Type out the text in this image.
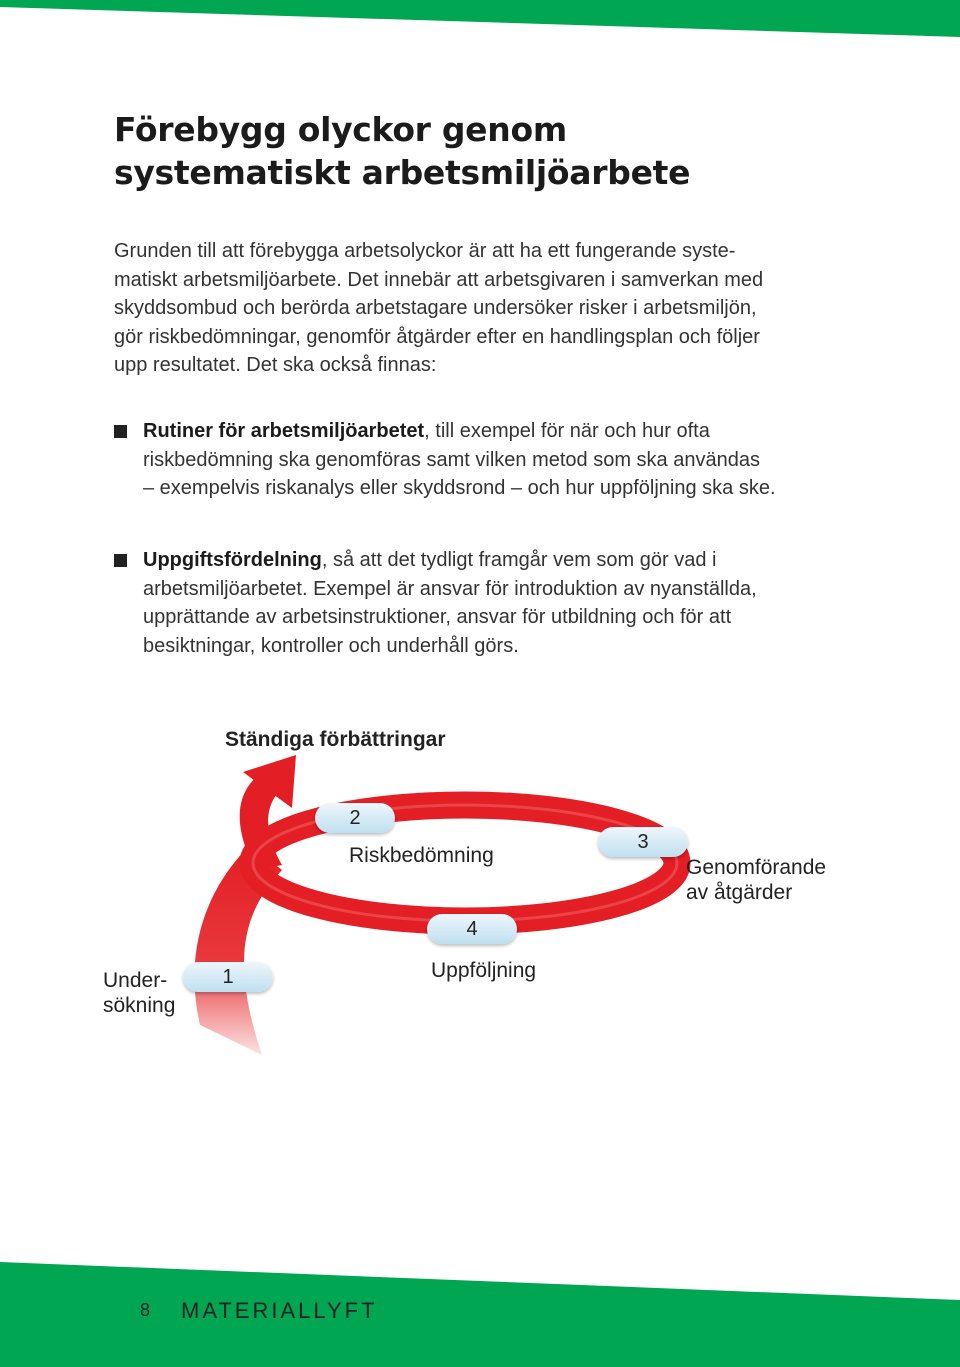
Förebygg olyckor genom
systematiskt arbetsmiljöarbete
Grunden till att förebygga arbetsolyckor är att ha ett fungerande syste-
matiskt arbetsmiljöarbete. Det innebär att arbetsgivaren i samverkan med
skyddsombud och berörda arbetstagare undersöker risker i arbetsmiljön,
gör riskbedömningar, genomför åtgärder efter en handlingsplan och följer
upp resultatet. Det ska också finnas:
Rutiner för arbetsmiljöarbetet, till exempel för när och hur ofta
riskbedömning ska genomföras samt vilken metod som ska användas
– exempelvis riskanalys eller skyddsrond – och hur uppföljning ska ske.
Uppgiftsfördelning, så att det tydligt framgår vem som gör vad i
arbetsmiljöarbetet. Exempel är ansvar för introduktion av nyanställda,
upprättande av arbetsinstruktioner, ansvar för utbildning och för att
besiktningar, kontroller och underhåll görs.
Ständiga förbättringar
2
Riskbedömning
3
Genomförande
av åtgärder
4
Uppföljning
1
Under-
sökning
8 MATERIALLYFT
